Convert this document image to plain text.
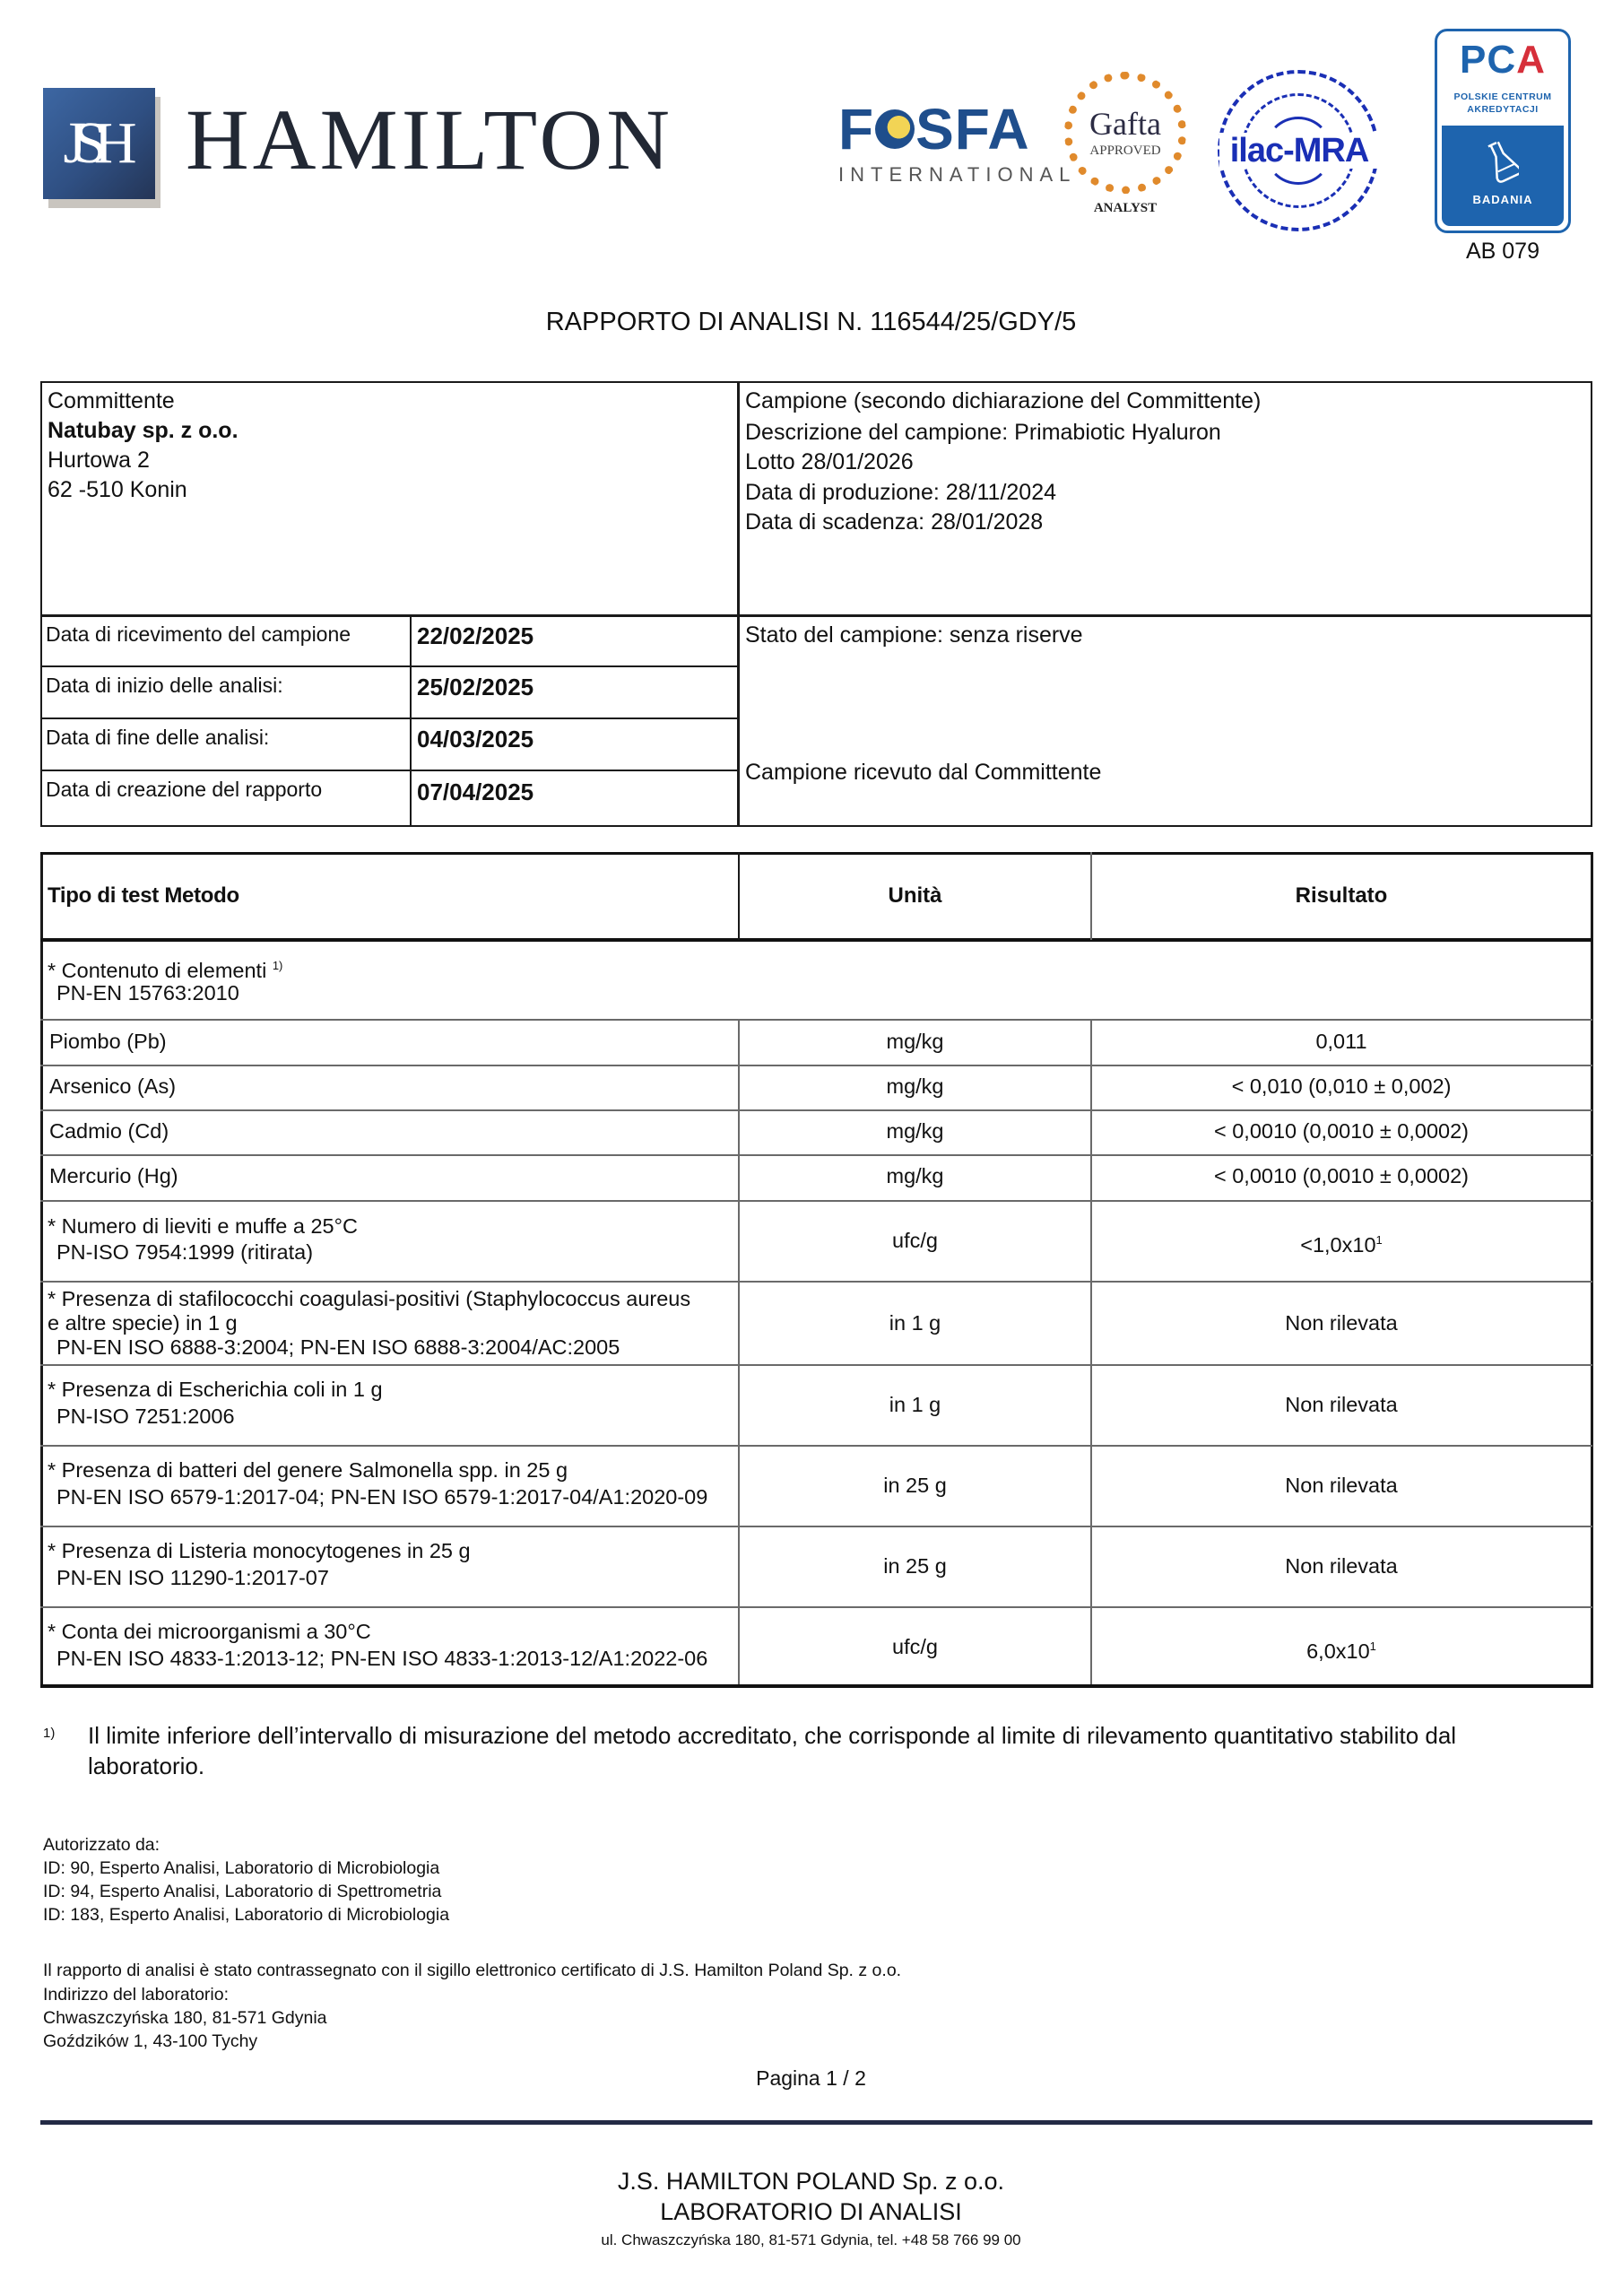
JSH HAMILTON	F SFA
INTERNATIONAL
Gafta
APPROVED
ANALYST
ilac-MRA
PCA
POLSKIE CENTRUM
AKREDYTACJI
BADANIA
AB 079
RAPPORTO DI ANALISI N. 116544/25/GDY/5
Committente
Natubay sp. z o.o.
Hurtowa 2
62 -510 Konin
Campione (secondo dichiarazione del Committente)
Descrizione del campione: Primabiotic Hyaluron
Lotto 28/01/2026
Data di produzione: 28/11/2024
Data di scadenza: 28/01/2028
Data di ricevimento del campione	22/02/2025
Data di inizio delle analisi:	25/02/2025
Data di fine delle analisi:	04/03/2025
Data di creazione del rapporto	07/04/2025
Stato del campione: senza riserve
Campione ricevuto dal Committente
Tipo di test Metodo	Unità	Risultato
* Contenuto di elementi $^{1)}$
PN-EN 15763:2010
Piombo (Pb)	mg/kg	0,011
Arsenico (As)	mg/kg	< 0,010 (0,010 ± 0,002)
Cadmio (Cd)	mg/kg	< 0,0010 (0,0010 ± 0,0002)
Mercurio (Hg)	mg/kg	< 0,0010 (0,0010 ± 0,0002)
* Numero di lieviti e muffe a 25°C
PN-ISO 7954:1999 (ritirata)	ufc/g	$<1,0x10^1$
* Presenza di stafilococchi coagulasi-positivi (Staphylococcus aureus
e altre specie) in 1 g
PN-EN ISO 6888-3:2004; PN-EN ISO 6888-3:2004/AC:2005
in 1 g	Non rilevata
* Presenza di Escherichia coli in 1 g
PN-ISO 7251:2006	in 1 g	Non rilevata
* Presenza di batteri del genere Salmonella spp. in 25 g
PN-EN ISO 6579-1:2017-04; PN-EN ISO 6579-1:2017-04/A1:2020-09	in 25 g	Non rilevata
* Presenza di Listeria monocytogenes in 25 g
PN-EN ISO 11290-1:2017-07	in 25 g	Non rilevata
* Conta dei microorganismi a 30°C
PN-EN ISO 4833-1:2013-12; PN-EN ISO 4833-1:2013-12/A1:2022-06	ufc/g	$6,0x10^1$
1) Il limite inferiore dell’intervallo di misurazione del metodo accreditato, che corrisponde al limite di rilevamento quantitativo stabilito dal laboratorio.
Autorizzato da:
ID: 90, Esperto Analisi, Laboratorio di Microbiologia
ID: 94, Esperto Analisi, Laboratorio di Spettrometria
ID: 183, Esperto Analisi, Laboratorio di Microbiologia
Il rapporto di analisi è stato contrassegnato con il sigillo elettronico certificato di J.S. Hamilton Poland Sp. z o.o.
Indirizzo del laboratorio:
Chwaszczyńska 180, 81-571 Gdynia
Goździków 1, 43-100 Tychy
Pagina 1 / 2
J.S. HAMILTON POLAND Sp. z o.o.
LABORATORIO DI ANALISI
ul. Chwaszczyńska 180, 81-571 Gdynia, tel. +48 58 766 99 00
